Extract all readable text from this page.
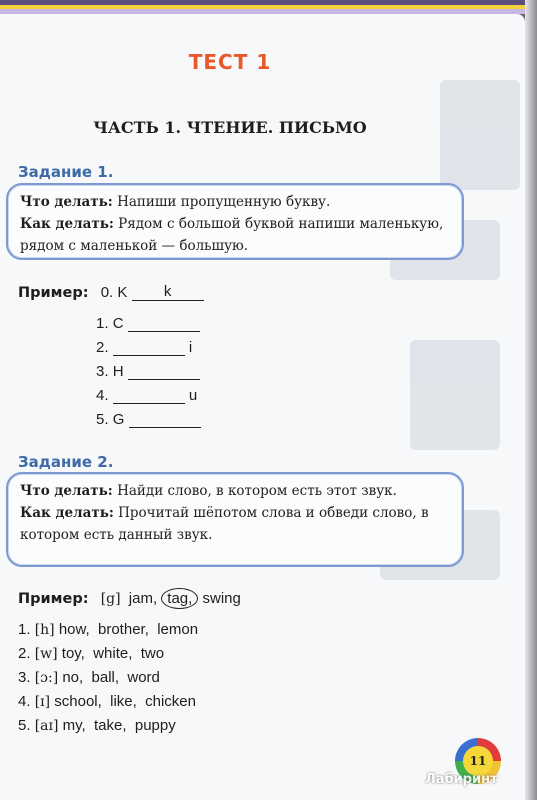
ТЕСТ 1
ЧАСТЬ 1. ЧТЕНИЕ. ПИСЬМО
Задание 1.
Что делать: Напиши пропущенную букву.
Как делать: Рядом с большой буквой напиши маленькую, рядом с маленькой — большую.
Пример: 0. K k
1. C
2.	i
3. H
4.	u
5. G
Задание 2.
Что делать: Найди слово, в котором есть этот звук.
Как делать: Прочитай шёпотом слова и обведи слово, в котором есть данный звук.
Пример: [g] jam, tag, swing
1. [h] how,  brother,  lemon
2. [w] toy,  white,  two
3. [ɔ:] no,  ball,  word
4. [ɪ] school,  like,  chicken
5. [aɪ] my,  take,  puppy
11
Лабиринт
